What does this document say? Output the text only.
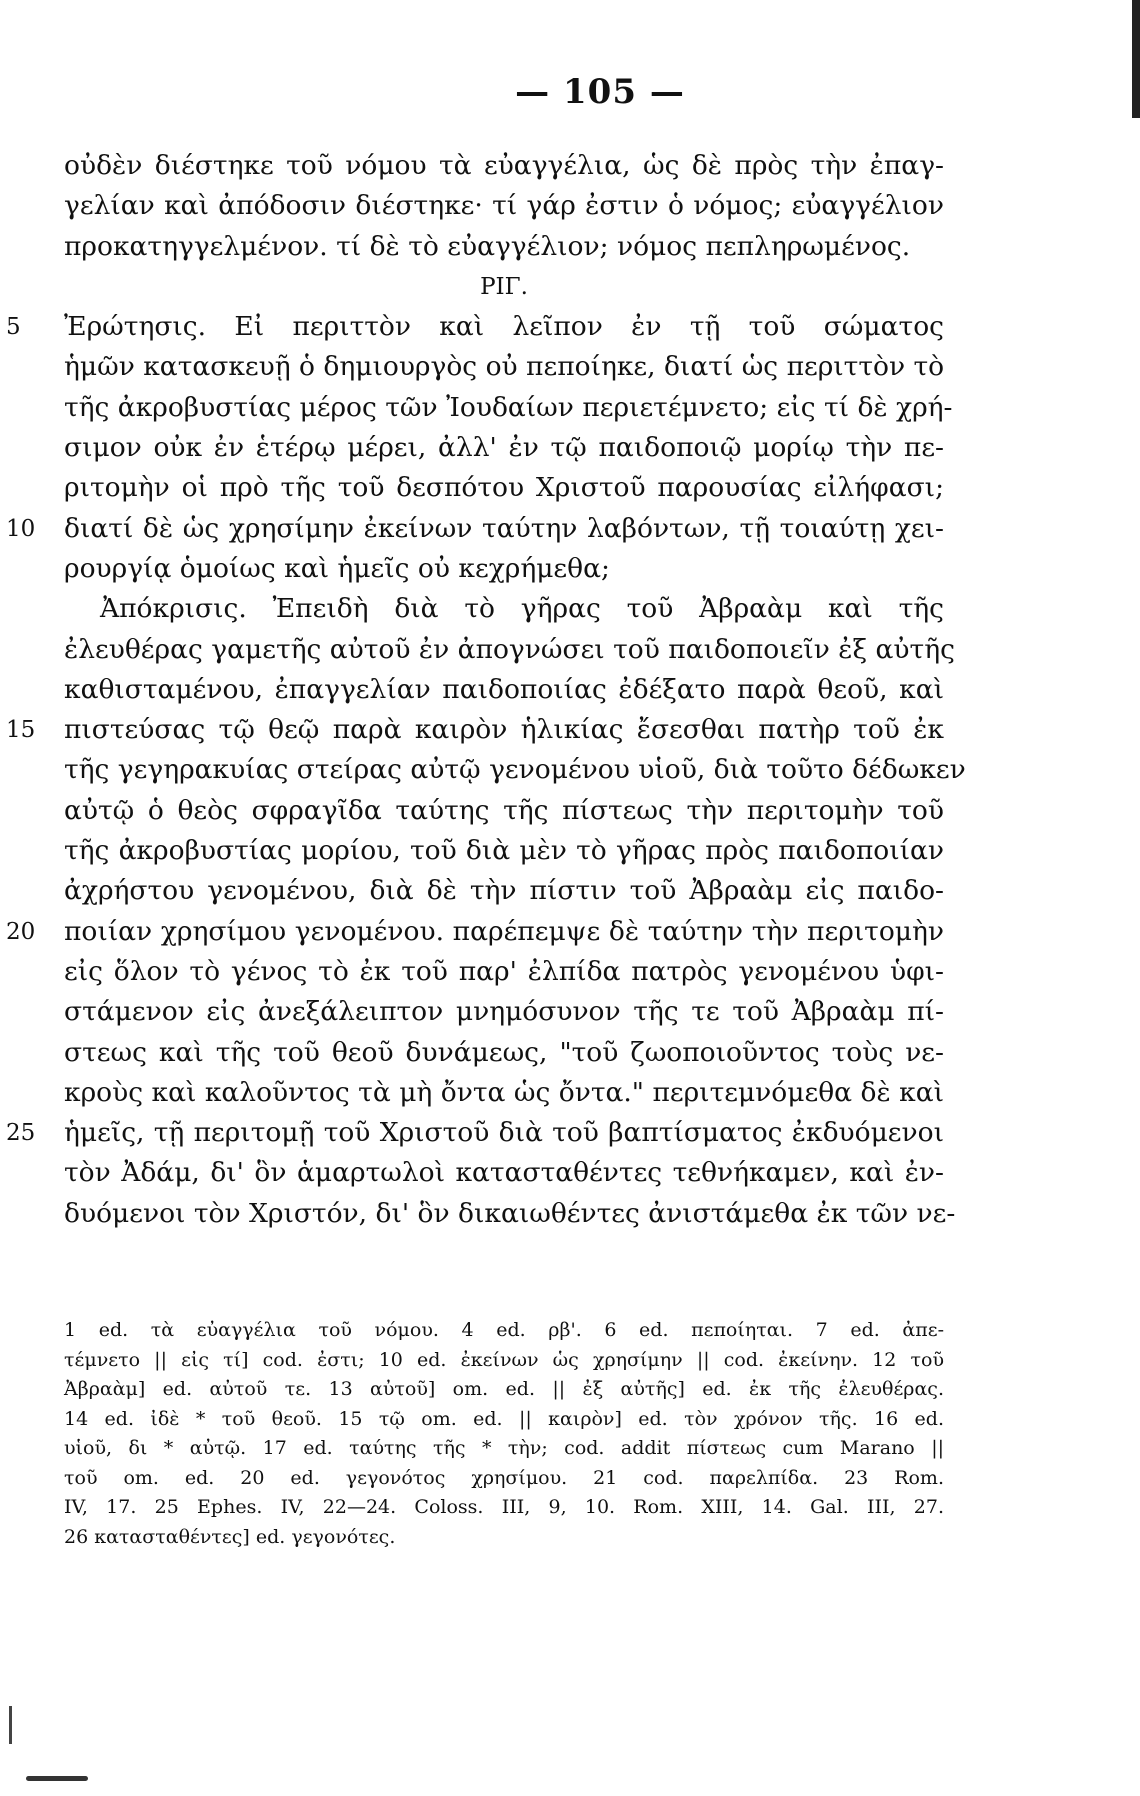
— 105 —
οὐδὲν διέστηκε τοῦ νόμου τὰ εὐαγγέλια, ὡς δὲ πρὸς τὴν ἐπαγ-
γελίαν καὶ ἀπόδοσιν διέστηκε· τί γάρ ἐστιν ὁ νόμος; εὐαγγέλιον
προκατηγγελμένον. τί δὲ τὸ εὐαγγέλιον; νόμος πεπληρωμένος.
ΡΙΓ.
5	Ἐρώτησις. Εἰ περιττὸν καὶ λεῖπον ἐν τῇ τοῦ σώματος
ἡμῶν κατασκευῇ ὁ δημιουργὸς οὐ πεποίηκε, διατί ὡς περιττὸν τὸ
τῆς ἀκροβυστίας μέρος τῶν Ἰουδαίων περιετέμνετο; εἰς τί δὲ χρή-
σιμον οὐκ ἐν ἑτέρῳ μέρει, ἀλλ' ἐν τῷ παιδοποιῷ μορίῳ τὴν πε-
ριτομὴν οἱ πρὸ τῆς τοῦ δεσπότου Χριστοῦ παρουσίας εἰλήφασι;
10	διατί δὲ ὡς χρησίμην ἐκείνων ταύτην λαβόντων, τῇ τοιαύτῃ χει-
ρουργίᾳ ὁμοίως καὶ ἡμεῖς οὐ κεχρήμεθα;
Ἀπόκρισις. Ἐπειδὴ διὰ τὸ γῆρας τοῦ Ἀβραὰμ καὶ τῆς
ἐλευθέρας γαμετῆς αὐτοῦ ἐν ἀπογνώσει τοῦ παιδοποιεῖν ἐξ αὐτῆς
καθισταμένου, ἐπαγγελίαν παιδοποιίας ἐδέξατο παρὰ θεοῦ, καὶ
15	πιστεύσας τῷ θεῷ παρὰ καιρὸν ἡλικίας ἔσεσθαι πατὴρ τοῦ ἐκ
τῆς γεγηρακυίας στείρας αὐτῷ γενομένου υἱοῦ, διὰ τοῦτο δέδωκεν
αὐτῷ ὁ θεὸς σφραγῖδα ταύτης τῆς πίστεως τὴν περιτομὴν τοῦ
τῆς ἀκροβυστίας μορίου, τοῦ διὰ μὲν τὸ γῆρας πρὸς παιδοποιίαν
ἀχρήστου γενομένου, διὰ δὲ τὴν πίστιν τοῦ Ἀβραὰμ εἰς παιδο-
20	ποιίαν χρησίμου γενομένου. παρέπεμψε δὲ ταύτην τὴν περιτομὴν
εἰς ὅλον τὸ γένος τὸ ἐκ τοῦ παρ' ἐλπίδα πατρὸς γενομένου ὑφι-
στάμενον εἰς ἀνεξάλειπτον μνημόσυνον τῆς τε τοῦ Ἀβραὰμ πί-
στεως καὶ τῆς τοῦ θεοῦ δυνάμεως, "τοῦ ζωοποιοῦντος τοὺς νε-
κροὺς καὶ καλοῦντος τὰ μὴ ὄντα ὡς ὄντα." περιτεμνόμεθα δὲ καὶ
25	ἡμεῖς, τῇ περιτομῇ τοῦ Χριστοῦ διὰ τοῦ βαπτίσματος ἐκδυόμενοι
τὸν Ἀδάμ, δι' ὃν ἁμαρτωλοὶ κατασταθέντες τεθνήκαμεν, καὶ ἐν-
δυόμενοι τὸν Χριστόν, δι' ὃν δικαιωθέντες ἀνιστάμεθα ἐκ τῶν νε-
1 ed. τὰ εὐαγγέλια τοῦ νόμου. 4 ed. ρβ'. 6 ed. πεποίηται. 7 ed. ἀπε-
τέμνετο || εἰς τί] cod. ἐστι; 10 ed. ἐκείνων ὡς χρησίμην || cod. ἐκείνην. 12 τοῦ
Ἀβραὰμ] ed. αὐτοῦ τε. 13 αὐτοῦ] om. ed. || ἐξ αὐτῆς] ed. ἐκ τῆς ἐλευθέρας.
14 ed. ἰδὲ * τοῦ θεοῦ. 15 τῷ om. ed. || καιρὸν] ed. τὸν χρόνον τῆς. 16 ed.
υἱοῦ, δι * αὐτῷ. 17 ed. ταύτης τῆς * τὴν; cod. addit πίστεως cum Marano ||
τοῦ om. ed. 20 ed. γεγονότος χρησίμου. 21 cod. παρελπίδα. 23 Rom.
IV, 17. 25 Ephes. IV, 22—24. Coloss. III, 9, 10. Rom. XIII, 14. Gal. III, 27.
26 κατασταθέντες] ed. γεγονότες.
